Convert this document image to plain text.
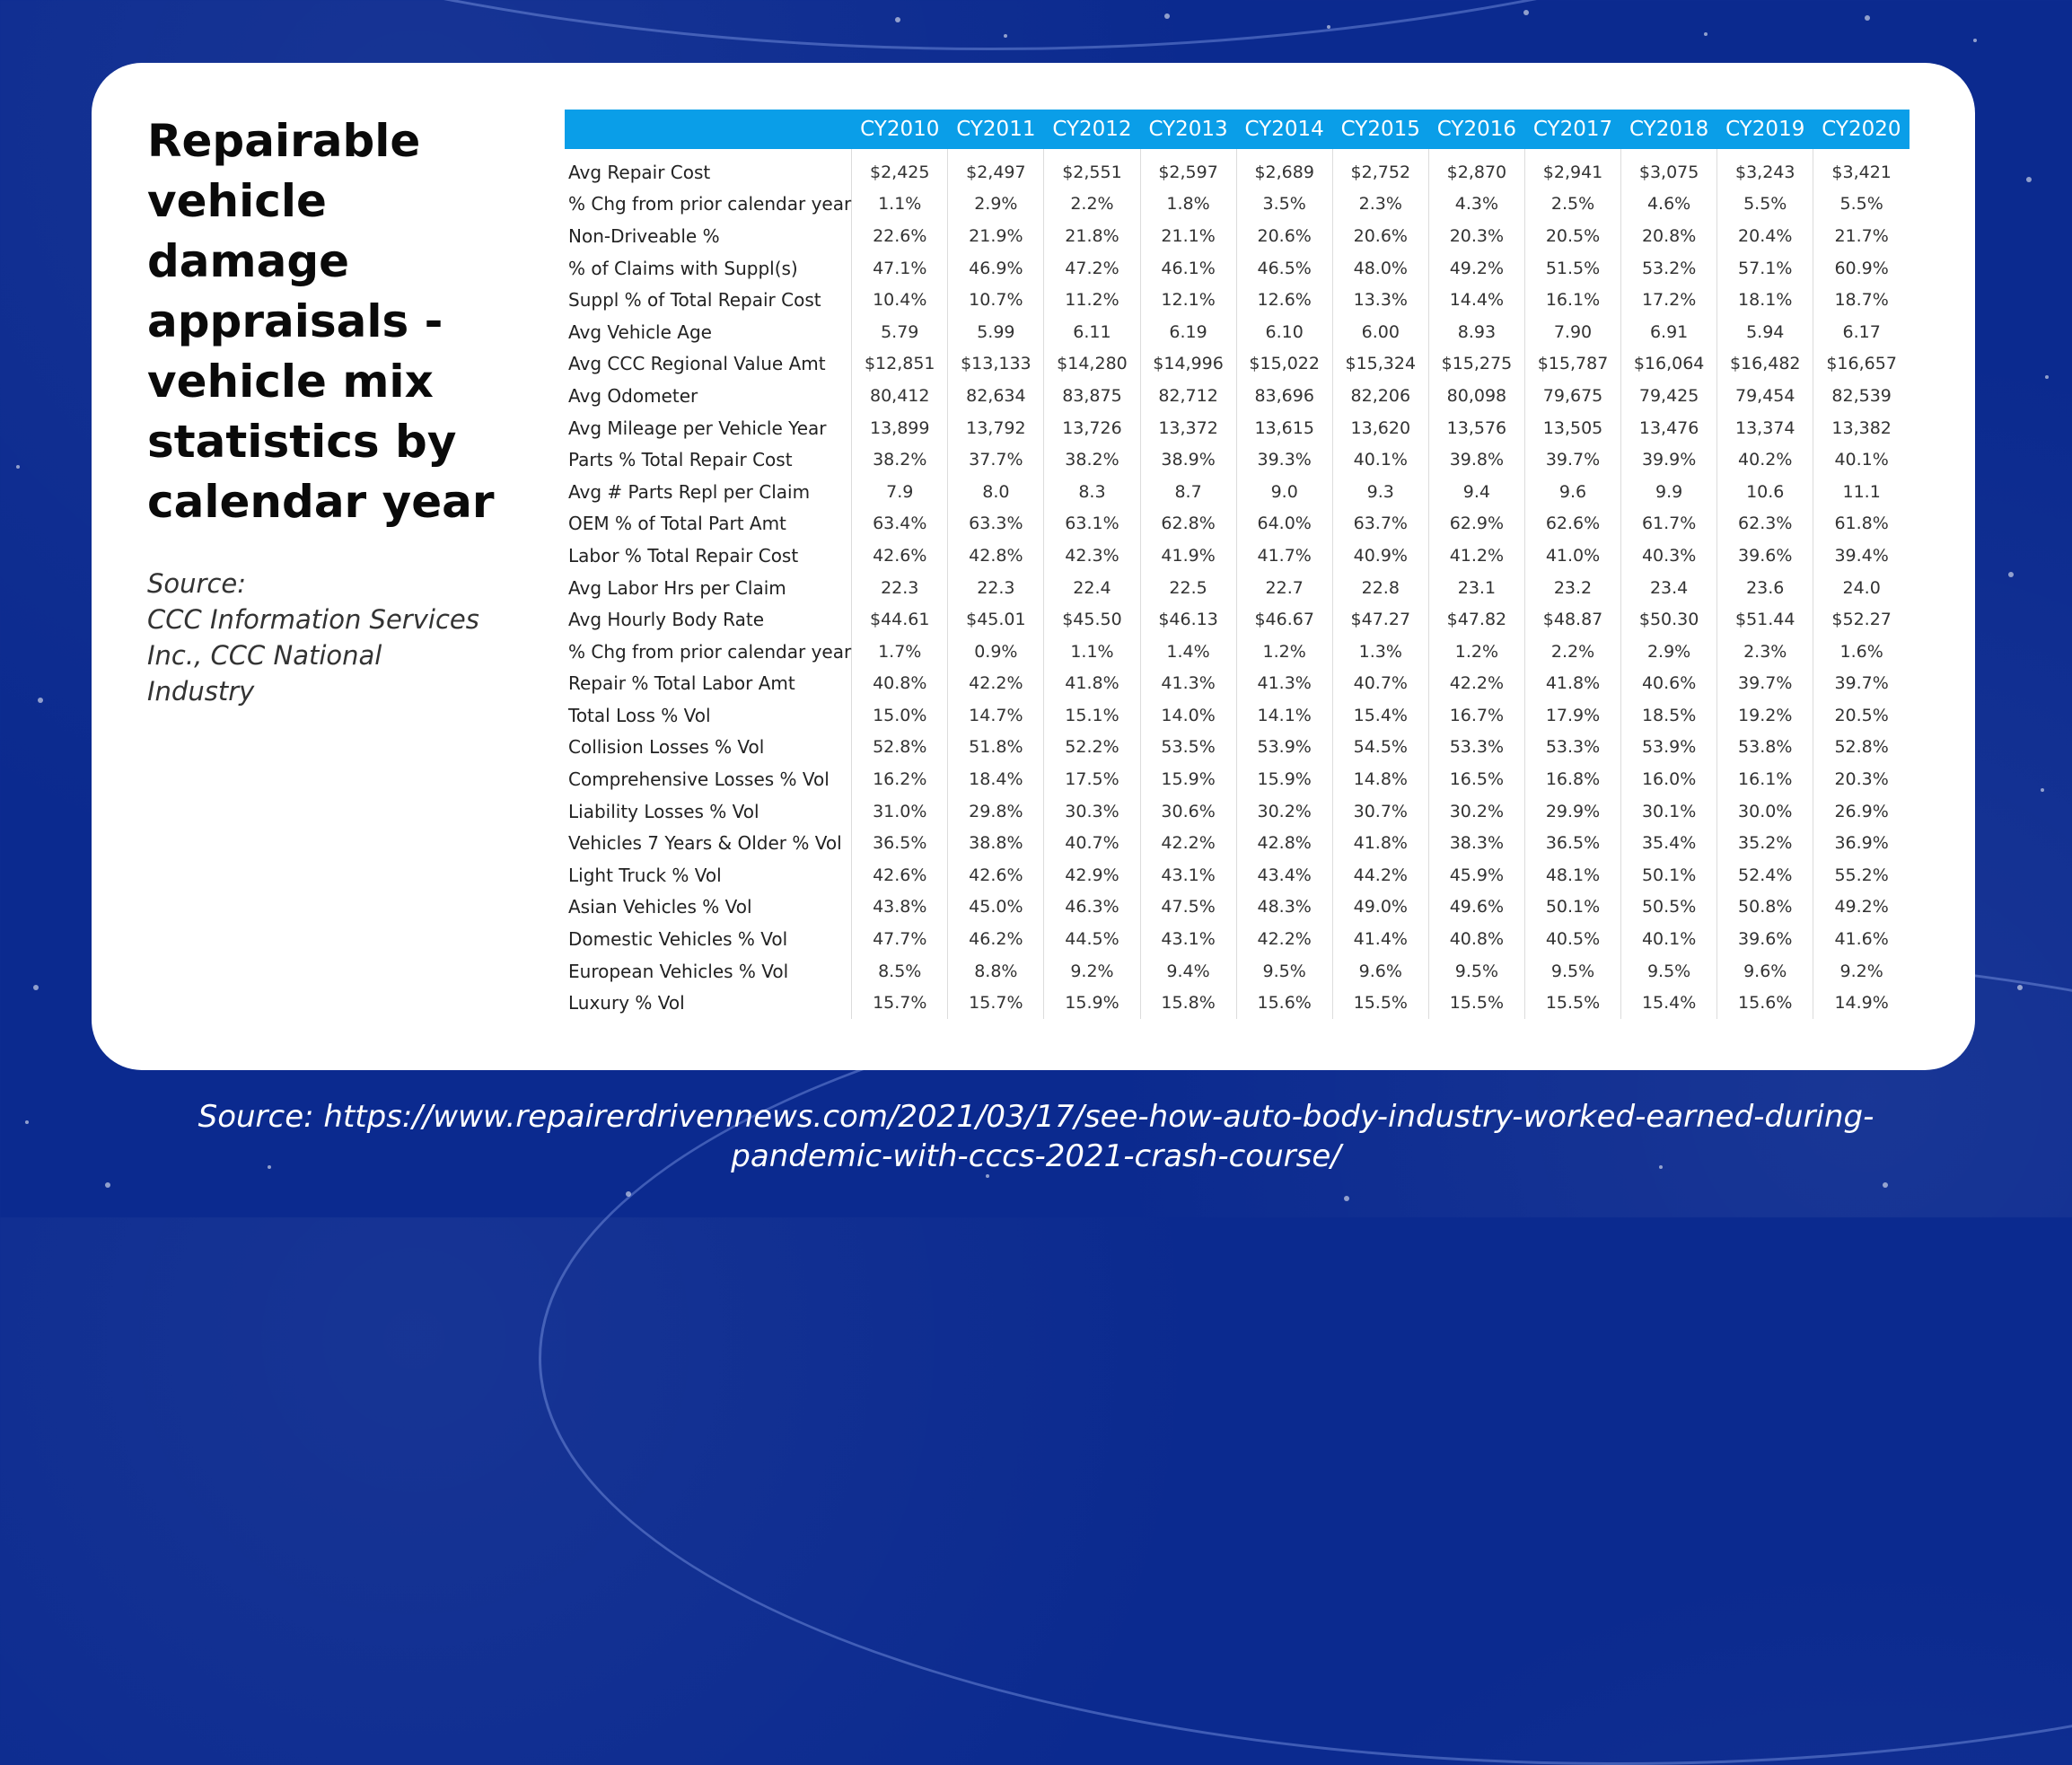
Repairable vehicle damage appraisals - vehicle mix statistics by calendar year
Source:
CCC Information Services Inc., CCC National Industry
	CY2010	CY2011	CY2012	CY2013	CY2014	CY2015	CY2016	CY2017	CY2018	CY2019	CY2020
Avg Repair Cost	$2,425	$2,497	$2,551	$2,597	$2,689	$2,752	$2,870	$2,941	$3,075	$3,243	$3,421
% Chg from prior calendar year	1.1%	2.9%	2.2%	1.8%	3.5%	2.3%	4.3%	2.5%	4.6%	5.5%	5.5%
Non-Driveable %	22.6%	21.9%	21.8%	21.1%	20.6%	20.6%	20.3%	20.5%	20.8%	20.4%	21.7%
% of Claims with Suppl(s)	47.1%	46.9%	47.2%	46.1%	46.5%	48.0%	49.2%	51.5%	53.2%	57.1%	60.9%
Suppl % of Total Repair Cost	10.4%	10.7%	11.2%	12.1%	12.6%	13.3%	14.4%	16.1%	17.2%	18.1%	18.7%
Avg Vehicle Age	5.79	5.99	6.11	6.19	6.10	6.00	8.93	7.90	6.91	5.94	6.17
Avg CCC Regional Value Amt	$12,851	$13,133	$14,280	$14,996	$15,022	$15,324	$15,275	$15,787	$16,064	$16,482	$16,657
Avg Odometer	80,412	82,634	83,875	82,712	83,696	82,206	80,098	79,675	79,425	79,454	82,539
Avg Mileage per Vehicle Year	13,899	13,792	13,726	13,372	13,615	13,620	13,576	13,505	13,476	13,374	13,382
Parts % Total Repair Cost	38.2%	37.7%	38.2%	38.9%	39.3%	40.1%	39.8%	39.7%	39.9%	40.2%	40.1%
Avg # Parts Repl per Claim	7.9	8.0	8.3	8.7	9.0	9.3	9.4	9.6	9.9	10.6	11.1
OEM % of Total Part Amt	63.4%	63.3%	63.1%	62.8%	64.0%	63.7%	62.9%	62.6%	61.7%	62.3%	61.8%
Labor % Total Repair Cost	42.6%	42.8%	42.3%	41.9%	41.7%	40.9%	41.2%	41.0%	40.3%	39.6%	39.4%
Avg Labor Hrs per Claim	22.3	22.3	22.4	22.5	22.7	22.8	23.1	23.2	23.4	23.6	24.0
Avg Hourly Body Rate	$44.61	$45.01	$45.50	$46.13	$46.67	$47.27	$47.82	$48.87	$50.30	$51.44	$52.27
% Chg from prior calendar year	1.7%	0.9%	1.1%	1.4%	1.2%	1.3%	1.2%	2.2%	2.9%	2.3%	1.6%
Repair % Total Labor Amt	40.8%	42.2%	41.8%	41.3%	41.3%	40.7%	42.2%	41.8%	40.6%	39.7%	39.7%
Total Loss % Vol	15.0%	14.7%	15.1%	14.0%	14.1%	15.4%	16.7%	17.9%	18.5%	19.2%	20.5%
Collision Losses % Vol	52.8%	51.8%	52.2%	53.5%	53.9%	54.5%	53.3%	53.3%	53.9%	53.8%	52.8%
Comprehensive Losses % Vol	16.2%	18.4%	17.5%	15.9%	15.9%	14.8%	16.5%	16.8%	16.0%	16.1%	20.3%
Liability Losses % Vol	31.0%	29.8%	30.3%	30.6%	30.2%	30.7%	30.2%	29.9%	30.1%	30.0%	26.9%
Vehicles 7 Years & Older % Vol	36.5%	38.8%	40.7%	42.2%	42.8%	41.8%	38.3%	36.5%	35.4%	35.2%	36.9%
Light Truck % Vol	42.6%	42.6%	42.9%	43.1%	43.4%	44.2%	45.9%	48.1%	50.1%	52.4%	55.2%
Asian Vehicles % Vol	43.8%	45.0%	46.3%	47.5%	48.3%	49.0%	49.6%	50.1%	50.5%	50.8%	49.2%
Domestic Vehicles % Vol	47.7%	46.2%	44.5%	43.1%	42.2%	41.4%	40.8%	40.5%	40.1%	39.6%	41.6%
European Vehicles % Vol	8.5%	8.8%	9.2%	9.4%	9.5%	9.6%	9.5%	9.5%	9.5%	9.6%	9.2%
Luxury % Vol	15.7%	15.7%	15.9%	15.8%	15.6%	15.5%	15.5%	15.5%	15.4%	15.6%	14.9%
Source: https://www.repairerdrivennews.com/2021/03/17/see-how-auto-body-industry-worked-earned-during-
pandemic-with-cccs-2021-crash-course/
